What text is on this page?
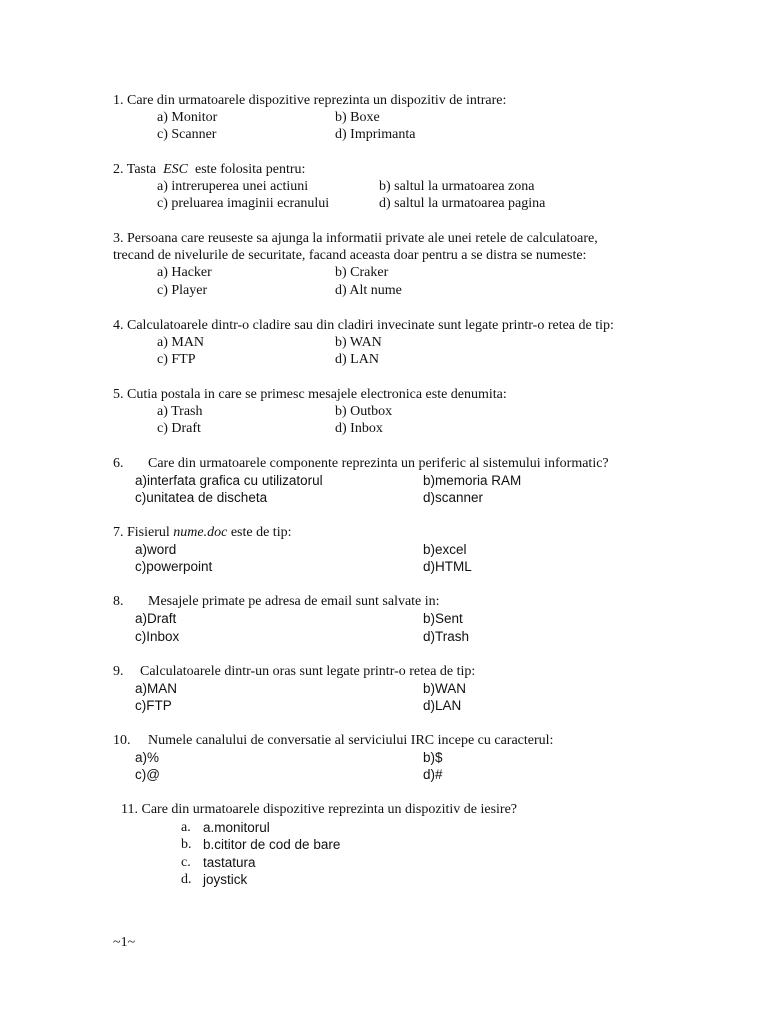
1. Care din urmatoarele dispozitive reprezinta un dispozitiv de intrare:
a) Monitor	b) Boxe
c) Scanner	d) Imprimanta
2. Tasta ESC este folosita pentru:
a) intreruperea unei actiuni	b) saltul la urmatoarea zona
c) preluarea imaginii ecranului	d) saltul la urmatoarea pagina
3. Persoana care reuseste sa ajunga la informatii private ale unei retele de calculatoare,
trecand de nivelurile de securitate, facand aceasta doar pentru a se distra se numeste:
a) Hacker	b) Craker
c) Player	d) Alt nume
4. Calculatoarele dintr-o cladire sau din cladiri invecinate sunt legate printr-o retea de tip:
a) MAN	b) WAN
c) FTP	d) LAN
5. Cutia postala in care se primesc mesajele electronica este denumita:
a) Trash	b) Outbox
c) Draft	d) Inbox
6. Care din urmatoarele componente reprezinta un periferic al sistemului informatic?
a)interfata grafica cu utilizatorul	b)memoria RAM
c)unitatea de discheta	d)scanner
7. Fisierul nume.doc este de tip:
a)word	b)excel
c)powerpoint	d)HTML
8. Mesajele primate pe adresa de email sunt salvate in:
a)Draft	b)Sent
c)Inbox	d)Trash
9. Calculatoarele dintr-un oras sunt legate printr-o retea de tip:
a)MAN	b)WAN
c)FTP	d)LAN
10. Numele canalului de conversatie al serviciului IRC incepe cu caracterul:
a)%	b)$
c)@	d)#
11. Care din urmatoarele dispozitive reprezinta un dispozitiv de iesire?
a. a.monitorul
b. b.cititor de cod de bare
c. tastatura
d. joystick
~1~
